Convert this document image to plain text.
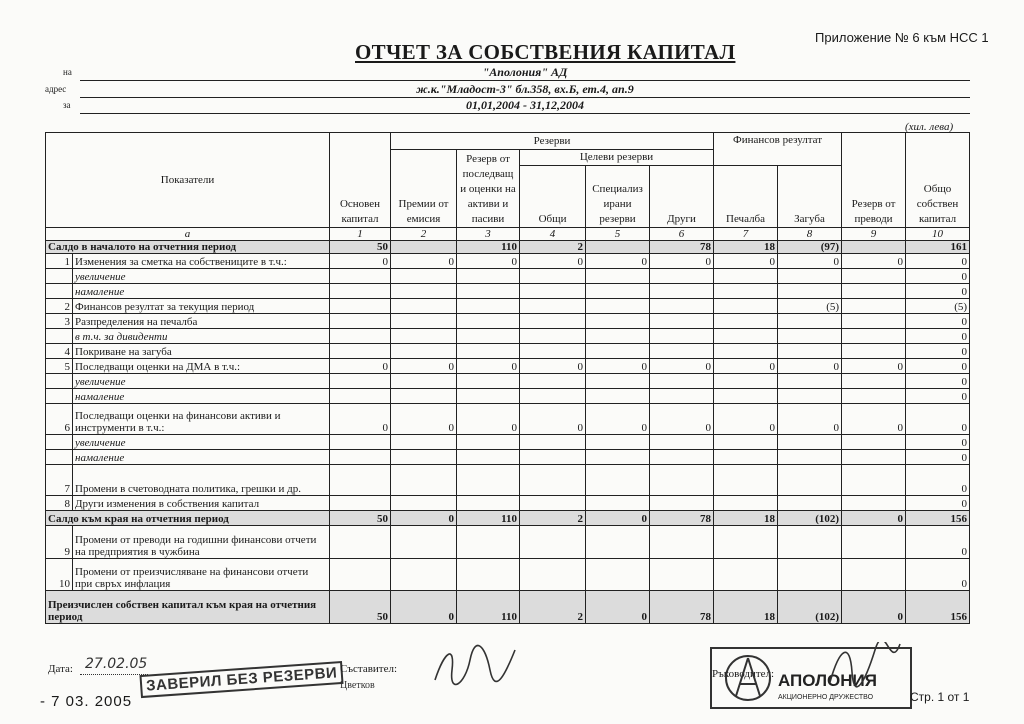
Приложение № 6 към НСС 1
ОТЧЕТ ЗА СОБСТВЕНИЯ КАПИТАЛ
на	"Аполония" АД
адрес	ж.к."Младост-3" бл.358, вх.Б, ет.4, ап.9
за	01,01,2004 - 31,12,2004
(хил. лева)
Показатели		Основен капитал	Резерви					Финансов резултат		Резерв от преводи	Общо собствен капитал
			Премии от емисия	Резерв от последващ и оценки на активи и пасиви	Целеви резерви						
					Общи	Специализ ирани резерви	Други	Печалба	Загуба		
а		1	2	3	4	5	6	7	8	9	10
Салдо в началото на отчетния период		50		110	2		78	18	(97)		161
1	Изменения за сметка на собствениците в т.ч.:	0	0	0	0	0	0	0	0	0	0
	увеличение										0
	намаление										0
2	Финансов резултат за текущия период								(5)		(5)
3	Разпределения на печалба										0
	в т.ч. за дивиденти										0
4	Покриване на загуба										0
5	Последващи оценки на ДМА в т.ч.:	0	0	0	0	0	0	0	0	0	0
	увеличение										0
	намаление										0
6	Последващи оценки на финансови активи и инструменти в т.ч.:	0	0	0	0	0	0	0	0	0	0
	увеличение										0
	намаление										0
7	Промени в счетоводната политика, грешки и др.										0
8	Други изменения в собствения капитал										0
Салдо към края на отчетния период		50	0	110	2	0	78	18	(102)	0	156
9	Промени от преводи на годишни финансови отчети на предприятия в чужбина										0
10	Промени от преизчисляване на финансови отчети при свръх инфлация										0
Преизчислен собствен капитал към края на отчетния период		50	0	110	2	0	78	18	(102)	0	156
Дата: 27.02.05
ЗАВЕРИЛ БЕЗ РЕЗЕРВИ
- 7 03. 2005
Съставител:
Цветков
Ръководител: АПОЛОНИЯ
АКЦИОНЕРНО ДРУЖЕСТВО	Стр. 1 от 1
